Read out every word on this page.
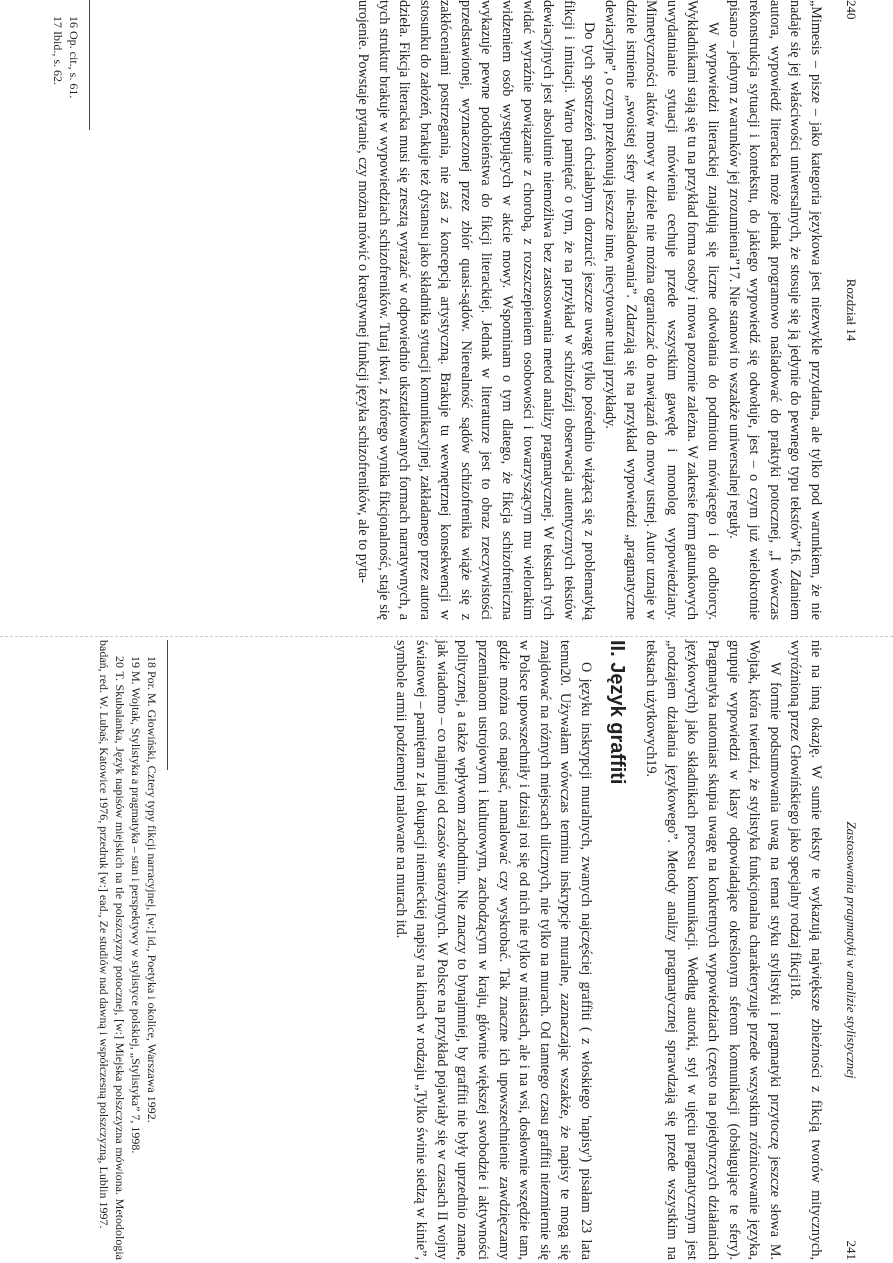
240
Rozdział 14

„Mimesis – pisze – jako kategoria językowa jest niezwykle przydatna, ale tylko pod warunkiem, że nie nadaje się jej właściwości uniwersalnych, że stosuje się ją jedynie do pewnego typu tekstów”16. Zdaniem autora, wypowiedź literacka może jednak programowo naśladować do praktyki potocznej, „I wówczas rekonstrukcja sytuacji i kontekstu, do jakiego wypowiedź się odwołuje, jest – o czym już wielokrotnie pisano – jednym z warunków jej zrozumienia”17. Nie stanowi to wszakże uniwersalnej reguły.

W wypowiedzi literackiej znajdują się liczne odwołania do podmiotu mówiącego i do odbiorcy. Wykładnikami stają się tu na przykład forma osoby i mowa pozornie zależna. W zakresie form gatunkowych uwydatnianie sytuacji mówienia cechuje przede wszystkim gawędę i monolog wypowiedziany. Mimetyczności aktów mowy w dziele nie można ograniczać do nawiązań do mowy ustnej. Autor uznaje w dziele istnienie „swoistej sfery nie-naśladowania”. Zdarzają się na przykład wypowiedzi „pragmatyczne dewiacyjne”, o czym przekonują jeszcze inne, niecytowane tutaj przykłady.

Do tych spostrzeżeń chciałabym dorzucić jeszcze uwagę tylko pośrednio wiążącą się z problematyką fikcji i imitacji. Warto pamiętać o tym, że na przykład w schizofazji obserwacja autentycznych tekstów dewiacyjnych jest absolutnie niemożliwa bez zastosowania metod analizy pragmatycznej. W tekstach tych widać wyraźnie powiązanie z chorobą, z rozszczepieniem osobowości i towarzyszącym mu wielorakim widzeniem osób występujących w akcie mowy. Wspominam o tym dlatego, że fikcja schizofreniczna wykazuje pewne podobieństwa do fikcji literackiej. Jednak w literaturze jest to obraz rzeczywistości przedstawionej, wyznaczonej przez zbiór quasi-sądów. Nierealność sądów schizofrenika wiąże się z zakłóceniami postrzegania, nie zaś z koncepcją artystyczną. Brakuje tu wewnętrznej konsekwencji w stosunku do założeń, brakuje też dystansu jako składnika sytuacji komunikacyjnej, zakładanego przez autora dzieła. Fikcja literacka musi się zresztą wyrażać w odpowiednio ukształtowanych formach narratywnych, a tych struktur brakuje w wypowiedziach schizofreników. Tutaj tkwi, z którego wynika fikcjonalność, staje się urojenie. Powstaje pytanie, czy można mówić o kreatywnej funkcji języka schizofreników, ale to pyta-

16 Op. cit., s. 61.

17 Ibid., s. 62.

Zastosowania pragmatyki w analizie stylistycznej
241

nie na inną okazję. W sumie teksty te wykazują największe zbieżności z fikcją tworów mitycznych, wyróżnioną przez Głowińskiego jako specjalny rodzaj fikcji18.

W formie podsumowania uwag na temat styku stylistyki i pragmatyki przytoczę jeszcze słowa M. Wojtak, która twierdzi, że stylistyka funkcjonalna charakteryzuje przede wszystkim zróżnicowanie języka, grupuje wypowiedzi w klasy odpowiadające określonym sferom komunikacji (obsługujące te sfery). Pragmatyka natomiast skupia uwagę na konkretnych wypowiedziach (często na pojedynczych działaniach językowych) jako składnikach procesu komunikacji. Według autorki, styl w ujęciu pragmatycznym jest „rodzajem działania językowego”. Metody analizy pragmatycznej sprawdzają się przede wszystkim na tekstach użytkowych19.

II. Język graffiti

O języku inskrypcji muralnych, zwanych najczęściej graffiti ( z włoskiego 'napisy') pisałam 23 lata temu20. Używałam wówczas terminu inskrypcje muralne, zaznaczając wszakże, że napisy te mogą się znajdować na różnych miejscach ulicznych, nie tylko na murach. Od tamtego czasu graffiti niezmiernie się w Polsce upowszechniły i dzisiaj roi się od nich nie tylko w miastach, ale i na wsi, dosłownie wszędzie tam, gdzie można coś napisać, namalować czy wyskrobać. Tak znaczne ich upowszechnienie zawdzięczamy przemianom ustrojowym i kulturowym, zachodzącym w kraju, głównie większej swobodzie i aktywności politycznej, a także wpływom zachodnim. Nie znaczy to bynajmniej, by graffiti nie były uprzednio znane, jak wiadomo – co najmniej od czasów starożytnych. W Polsce na przykład pojawiały się w czasach II wojny światowej – pamiętam z lat okupacji niemieckiej napisy na kinach w rodzaju „Tylko świnie siedzą w kinie”, symbole armii podziemnej malowane na murach itd.

18 Por. M. Głowiński, Cztery typy fikcji narracyjnej, [w:] id., Poetyka i okolice, Warszawa 1992.

19 M. Wojtak, Stylistyka a pragmatyka – stan i perspektywy w stylistyce polskiej, „Stylistyka” 7, 1998.

20 T. Skubalanka, Język napisów miejskich na tle polszczyzny potocznej, [w:] Miejska polszczyzna mówiona. Metodologia badań, red. W. Lubaś, Katowice 1976, przedruk [w:] ead., Ze studiów nad dawną i współczesną polszczyzną, Lublin 1997.
